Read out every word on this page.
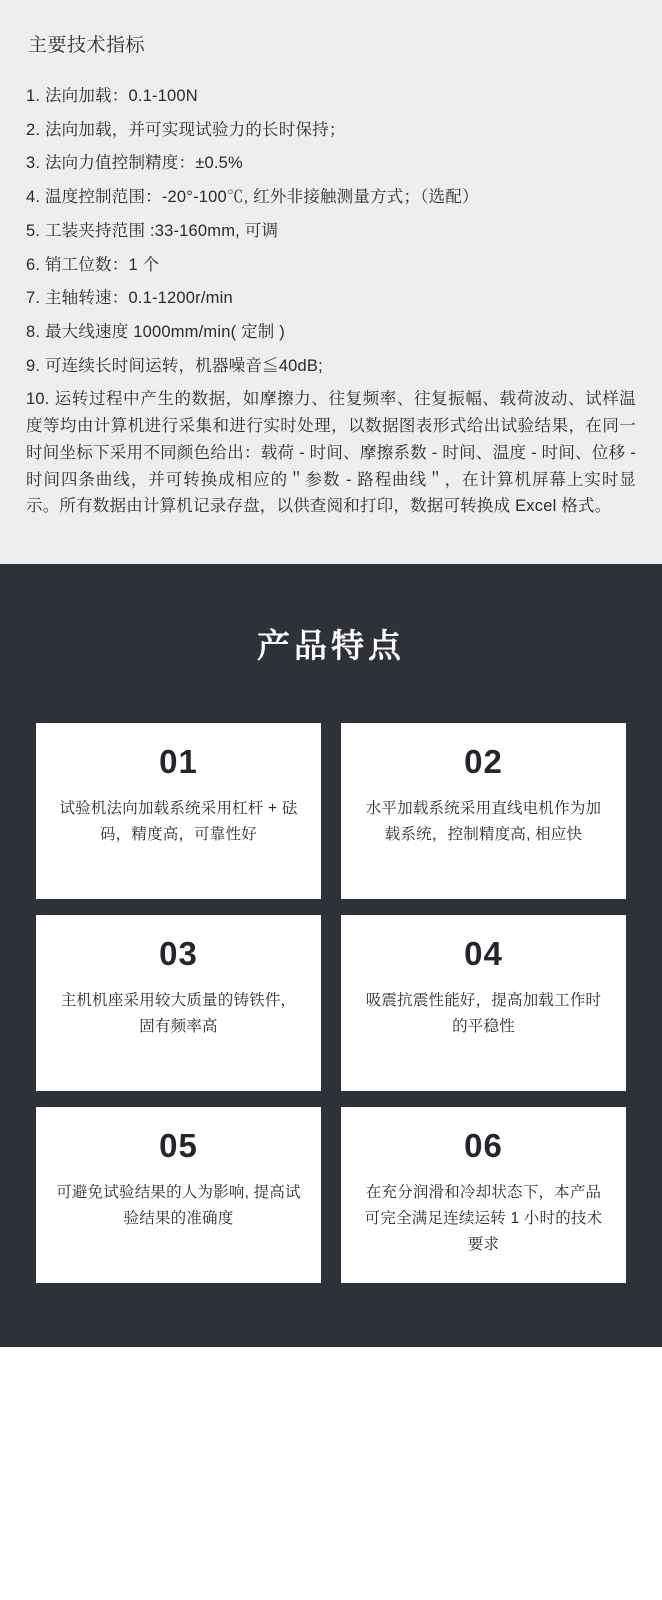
主要技术指标
1. 法向加载：0.1-100N
2. 法向加载，并可实现试验力的长时保持；
3. 法向力值控制精度：±0.5%
4. 温度控制范围：-20°-100℃, 红外非接触测量方式；（选配）
5. 工装夹持范围 :33-160mm, 可调
6. 销工位数：1 个
7. 主轴转速：0.1-1200r/min
8. 最大线速度 1000mm/min( 定制 )
9. 可连续长时间运转，机器噪音≦40dB;
10. 运转过程中产生的数据，如摩擦力、往复频率、往复振幅、载荷波动、试样温度等均由计算机进行采集和进行实时处理，以数据图表形式给出试验结果，在同一时间坐标下采用不同颜色给出：载荷 - 时间、摩擦系数 - 时间、温度 - 时间、位移 - 时间四条曲线，并可转换成相应的＂参数 - 路程曲线＂，在计算机屏幕上实时显示。所有数据由计算机记录存盘，以供查阅和打印，数据可转换成 Excel 格式。
产品特点
01
试验机法向加载系统采用杠杆 + 砝码，精度高，可靠性好
02
水平加载系统采用直线电机作为加载系统，控制精度高, 相应快
03
主机机座采用较大质量的铸铁件，固有频率高
04
吸震抗震性能好，提高加载工作时的平稳性
05
可避免试验结果的人为影响, 提高试验结果的准确度
06
在充分润滑和冷却状态下，本产品可完全满足连续运转 1 小时的技术要求
